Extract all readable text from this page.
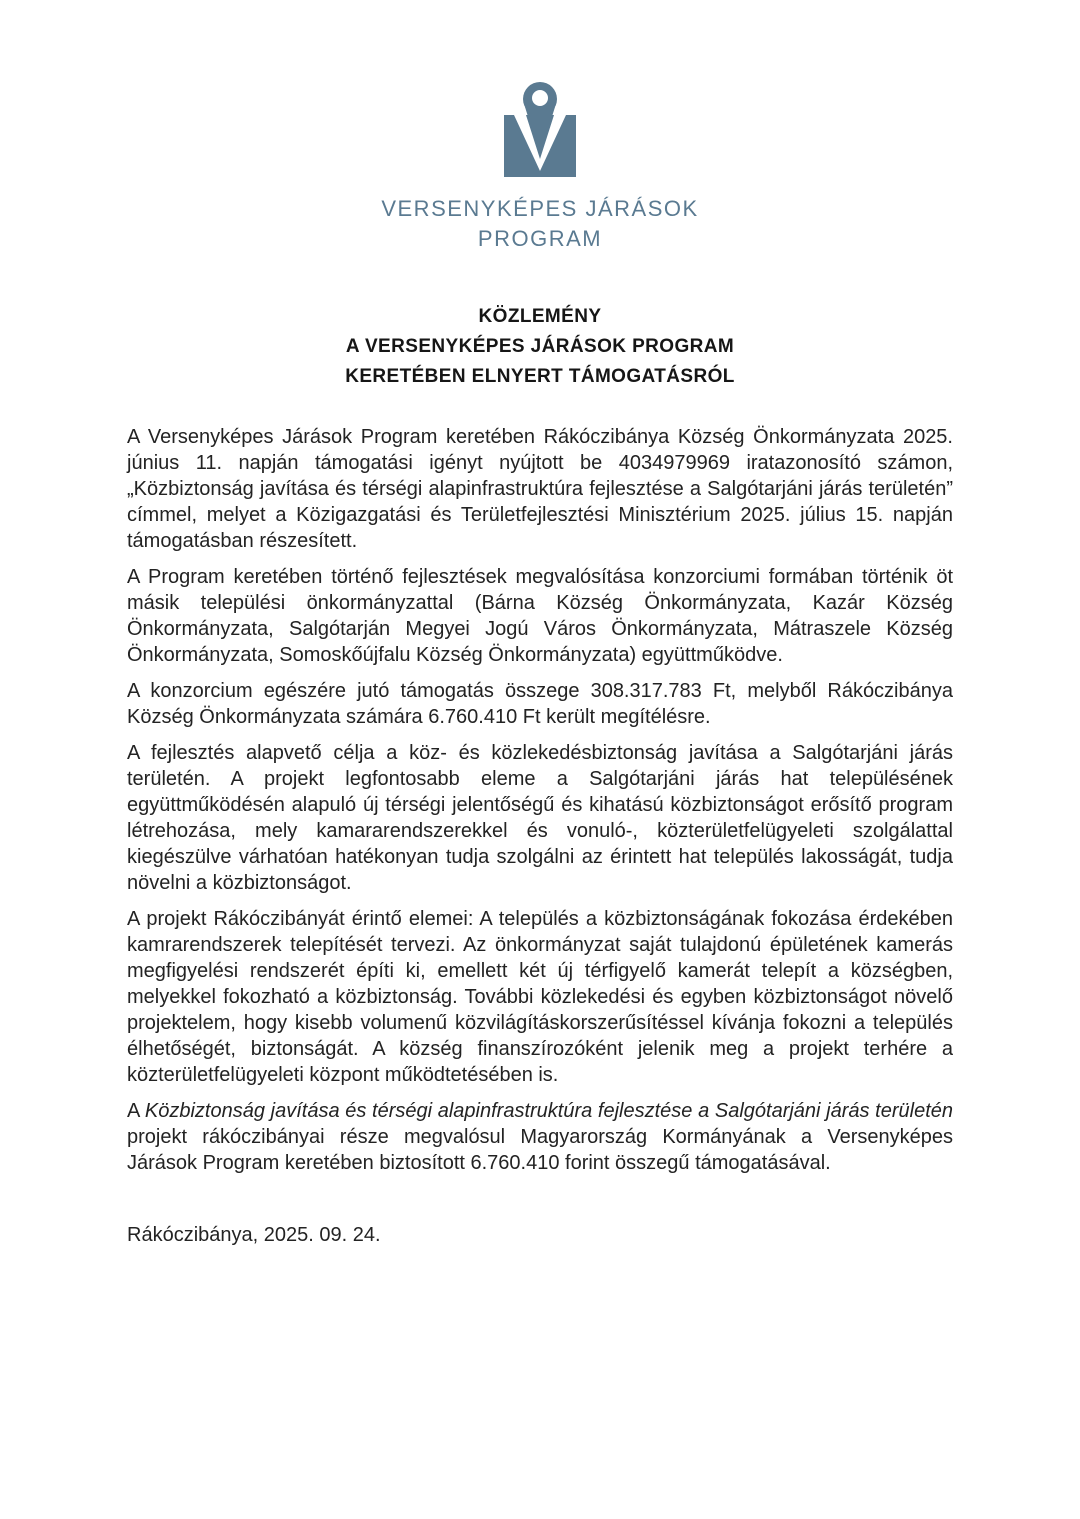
VERSENYKÉPES JÁRÁSOK
PROGRAM
KÖZLEMÉNY
A VERSENYKÉPES JÁRÁSOK PROGRAM
KERETÉBEN ELNYERT TÁMOGATÁSRÓL

A Versenyképes Járások Program keretében Rákóczibánya Község Önkormányzata 2025. június 11. napján támogatási igényt nyújtott be 4034979969 iratazonosító számon, „Közbiztonság javítása és térségi alapinfrastruktúra fejlesztése a Salgótarjáni járás területén” címmel, melyet a Közigazgatási és Területfejlesztési Minisztérium 2025. július 15. napján támogatásban részesített.

A Program keretében történő fejlesztések megvalósítása konzorciumi formában történik öt másik települési önkormányzattal (Bárna Község Önkormányzata, Kazár Község Önkormányzata, Salgótarján Megyei Jogú Város Önkormányzata, Mátraszele Község Önkormányzata, Somoskőújfalu Község Önkormányzata) együttműködve.

A konzorcium egészére jutó támogatás összege 308.317.783 Ft, melyből Rákóczibánya Község Önkormányzata számára 6.760.410 Ft került megítélésre.

A fejlesztés alapvető célja a köz- és közlekedésbiztonság javítása a Salgótarjáni járás területén. A projekt legfontosabb eleme a Salgótarjáni járás hat településének együttműködésén alapuló új térségi jelentőségű és kihatású közbiztonságot erősítő program létrehozása, mely kamararendszerekkel és vonuló-, közterületfelügyeleti szolgálattal kiegészülve várhatóan hatékonyan tudja szolgálni az érintett hat település lakosságát, tudja növelni a közbiztonságot.

A projekt Rákóczibányát érintő elemei: A település a közbiztonságának fokozása érdekében kamrarendszerek telepítését tervezi. Az önkormányzat saját tulajdonú épületének kamerás megfigyelési rendszerét építi ki, emellett két új térfigyelő kamerát telepít a községben, melyekkel fokozható a közbiztonság. További közlekedési és egyben közbiztonságot növelő projektelem, hogy kisebb volumenű közvilágításkorszerűsítéssel kívánja fokozni a település élhetőségét, biztonságát. A község finanszírozóként jelenik meg a projekt terhére a közterületfelügyeleti központ működtetésében is.

A Közbiztonság javítása és térségi alapinfrastruktúra fejlesztése a Salgótarjáni járás területén projekt rákóczibányai része megvalósul Magyarország Kormányának a Versenyképes Járások Program keretében biztosított 6.760.410 forint összegű támogatásával.

Rákóczibánya, 2025. 09. 24.
